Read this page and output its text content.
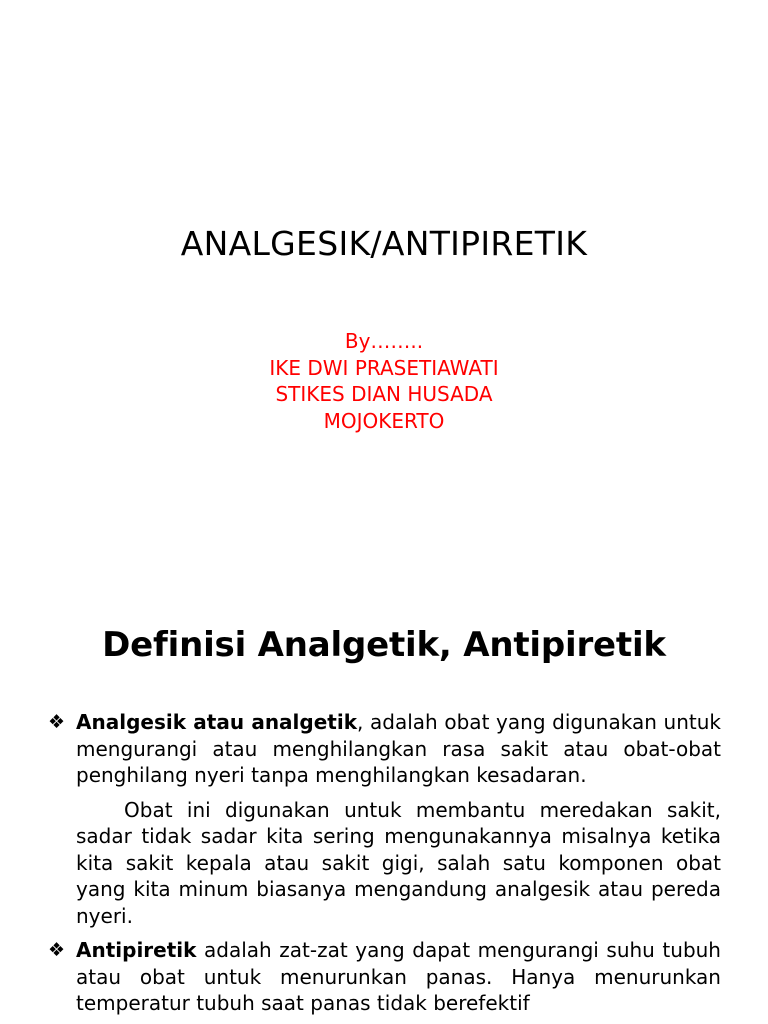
ANALGESIK/ANTIPIRETIK
By……..
IKE DWI PRASETIAWATI
STIKES DIAN HUSADA
MOJOKERTO
Definisi Analgetik, Antipiretik

❖ Analgesik atau analgetik, adalah obat yang digunakan untuk mengurangi atau menghilangkan rasa sakit atau obat-obat penghilang nyeri tanpa menghilangkan kesadaran.

Obat ini digunakan untuk membantu meredakan sakit, sadar tidak sadar kita sering mengunakannya misalnya ketika kita sakit kepala atau sakit gigi, salah satu komponen obat yang kita minum biasanya mengandung analgesik atau pereda nyeri.

❖ Antipiretik adalah zat-zat yang dapat mengurangi suhu tubuh atau obat untuk menurunkan panas. Hanya menurunkan temperatur tubuh saat panas tidak berefektif
